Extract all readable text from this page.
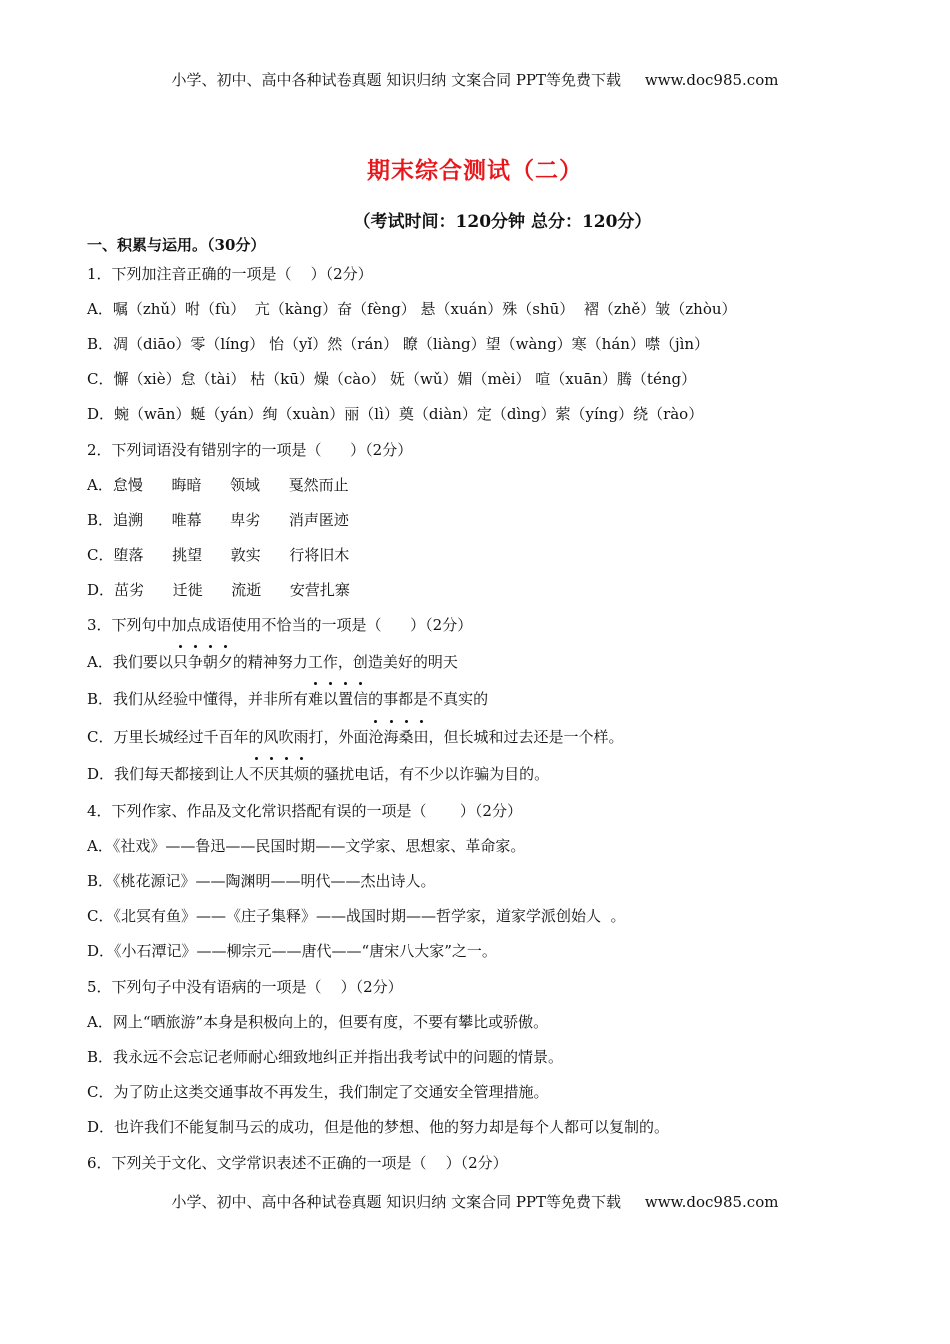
小学、初中、高中各种试卷真题 知识归纳 文案合同 PPT等免费下载     www.doc985.com
期末综合测试（二）
（考试时间：120分钟 总分：120分）
一、积累与运用。（30分）
1．下列加注音正确的一项是（    ）（2分）
A．嘱（zhǔ）咐（fù）  亢（kàng）奋（fèng） 悬（xuán）殊（shū）  褶（zhě）皱（zhòu）
B．凋（diāo）零（líng） 怡（yǐ）然（rán） 瞭（liàng）望（wàng）寒（hán）噤（jìn）
C．懈（xiè）怠（tài） 枯（kū）燥（cào） 妩（wǔ）媚（mèi） 喧（xuān）腾（téng）
D．蜿（wān）蜒（yán）绚（xuàn）丽（lì）奠（diàn）定（dìng）萦（yíng）绕（rào）
2．下列词语没有错别字的一项是（      ）（2分）
A．怠慢      晦暗      领域      戛然而止
B．追溯      唯幕      卑劣      消声匿迹
C．堕落      挑望      敦实      行将旧木
D．茁劣      迁徙      流逝      安营扎寨
3．下列句中加点成语使用不恰当的一项是（      ）（2分）
A．我们要以 只 争 朝 夕 的精神努力工作，创造美好的明天
B．我们从经验中懂得，并非所有 难 以 置 信 的事都是不真实的
C．万里长城经过千百年的风吹雨打，外面 沧 海 桑 田 ，但长城和过去还是一个样。
D．我们每天都接到让人 不 厌 其 烦 的骚扰电话，有不少以诈骗为目的。
4．下列作家、作品及文化常识搭配有误的一项是（       ）（2分）
A．《社戏》——鲁迅——民国时期——文学家、思想家、革命家。
B．《桃花源记》——陶渊明——明代——杰出诗人。
C．《北冥有鱼》——《庄子集释》——战国时期——哲学家，道家学派创始人  。
D．《小石潭记》——柳宗元——唐代——“唐宋八大家”之一。
5．下列句子中没有语病的一项是（    ）（2分）
A．网上“晒旅游”本身是积极向上的，但要有度，不要有攀比或骄傲。
B．我永远不会忘记老师耐心细致地纠正并指出我考试中的问题的情景。
C．为了防止这类交通事故不再发生，我们制定了交通安全管理措施。
D．也许我们不能复制马云的成功，但是他的梦想、他的努力却是每个人都可以复制的。
6．下列关于文化、文学常识表述不正确的一项是（    ）（2分）
小学、初中、高中各种试卷真题 知识归纳 文案合同 PPT等免费下载     www.doc985.com
